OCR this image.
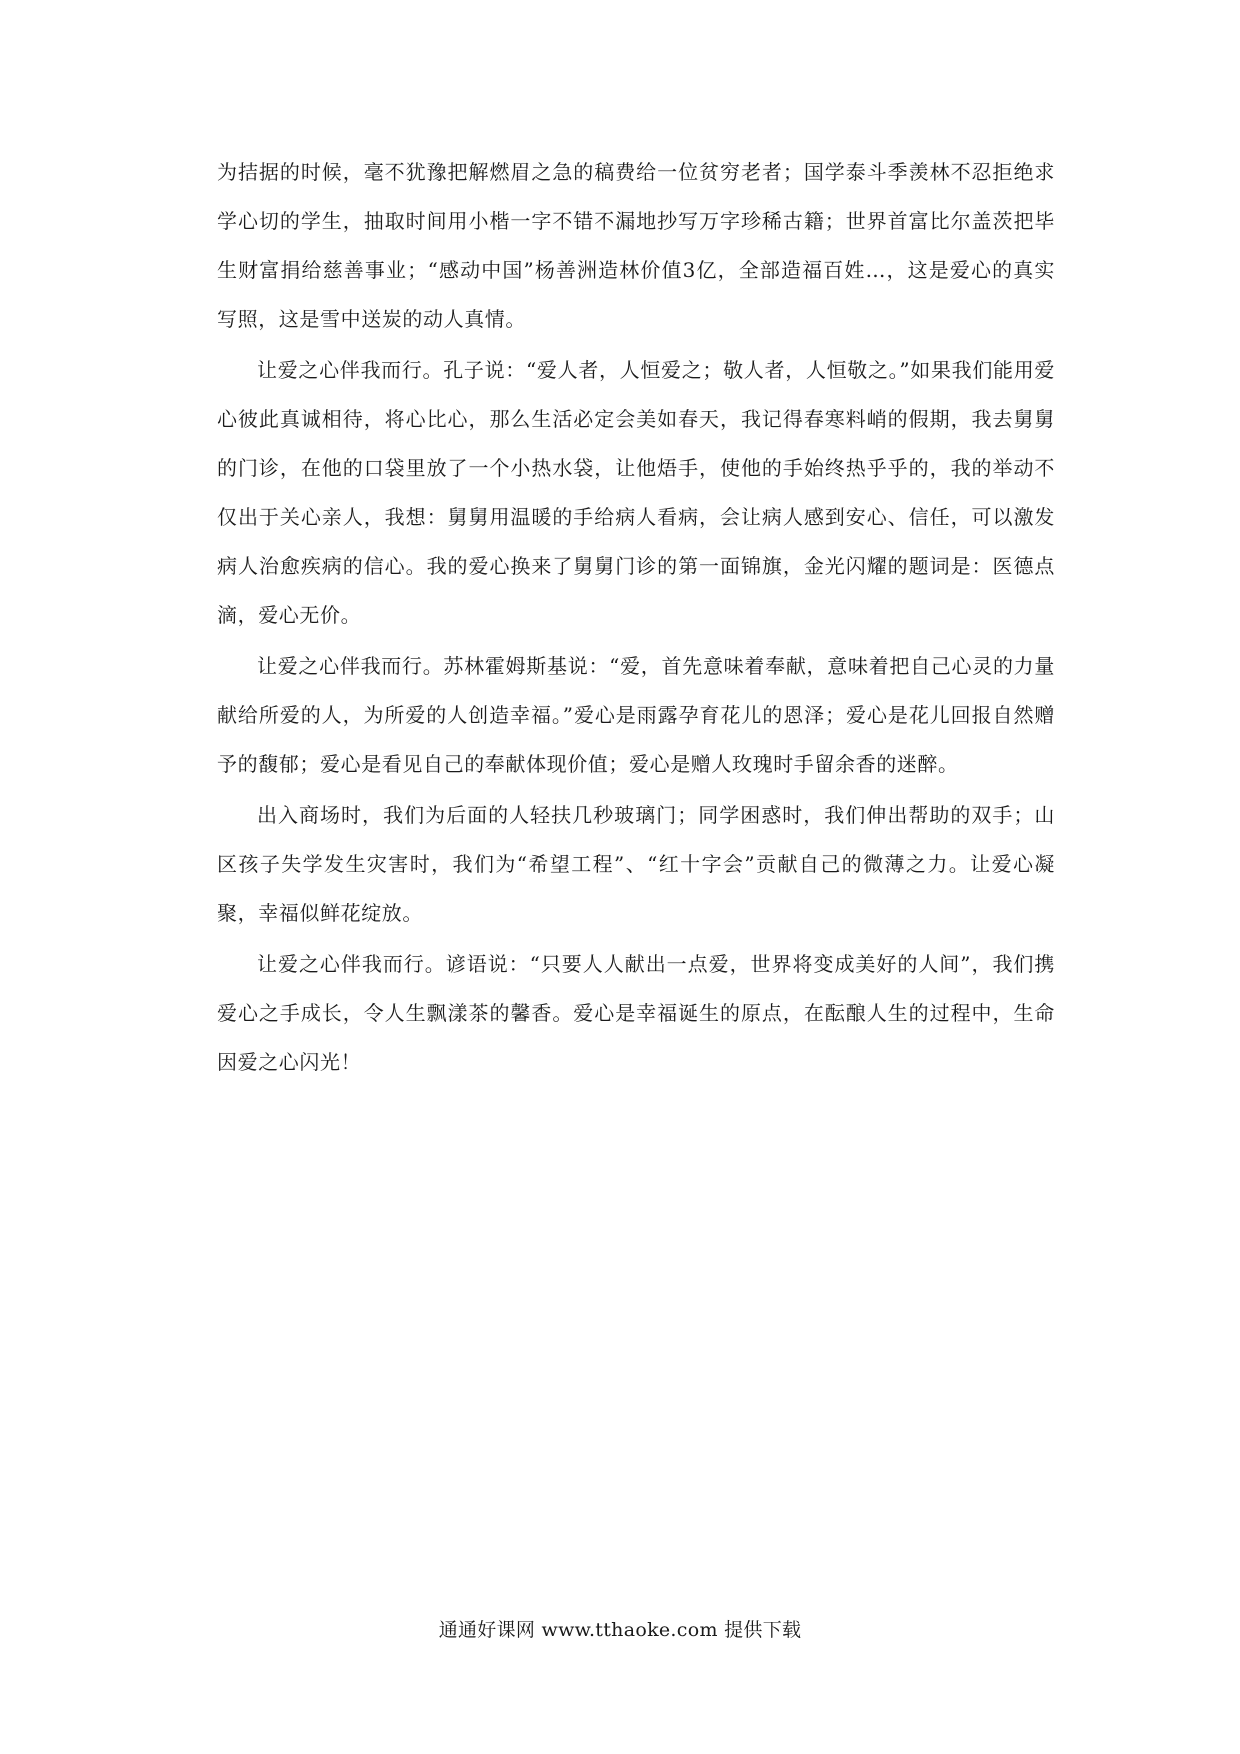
为拮据的时候，毫不犹豫把解燃眉之急的稿费给一位贫穷老者；国学泰斗季羡林不忍拒绝求学心切的学生，抽取时间用小楷一字不错不漏地抄写万字珍稀古籍；世界首富比尔盖茨把毕生财富捐给慈善事业；“感动中国”杨善洲造林价值3亿，全部造福百姓…，这是爱心的真实写照，这是雪中送炭的动人真情。

让爱之心伴我而行。孔子说：“爱人者，人恒爱之；敬人者，人恒敬之。”如果我们能用爱心彼此真诚相待，将心比心，那么生活必定会美如春天，我记得春寒料峭的假期，我去舅舅的门诊，在他的口袋里放了一个小热水袋，让他焐手，使他的手始终热乎乎的，我的举动不仅出于关心亲人，我想：舅舅用温暖的手给病人看病，会让病人感到安心、信任，可以激发病人治愈疾病的信心。我的爱心换来了舅舅门诊的第一面锦旗，金光闪耀的题词是：医德点滴，爱心无价。

让爱之心伴我而行。苏林霍姆斯基说：“爱，首先意味着奉献，意味着把自己心灵的力量献给所爱的人，为所爱的人创造幸福。”爱心是雨露孕育花儿的恩泽；爱心是花儿回报自然赠予的馥郁；爱心是看见自己的奉献体现价值；爱心是赠人玫瑰时手留余香的迷醉。

出入商场时，我们为后面的人轻扶几秒玻璃门；同学困惑时，我们伸出帮助的双手；山区孩子失学发生灾害时，我们为“希望工程”、“红十字会”贡献自己的微薄之力。让爱心凝聚，幸福似鲜花绽放。

让爱之心伴我而行。谚语说：“只要人人献出一点爱，世界将变成美好的人间”，我们携爱心之手成长，令人生飘漾茶的馨香。爱心是幸福诞生的原点，在酝酿人生的过程中，生命因爱之心闪光！

通通好课网 www.tthaoke.com 提供下载
